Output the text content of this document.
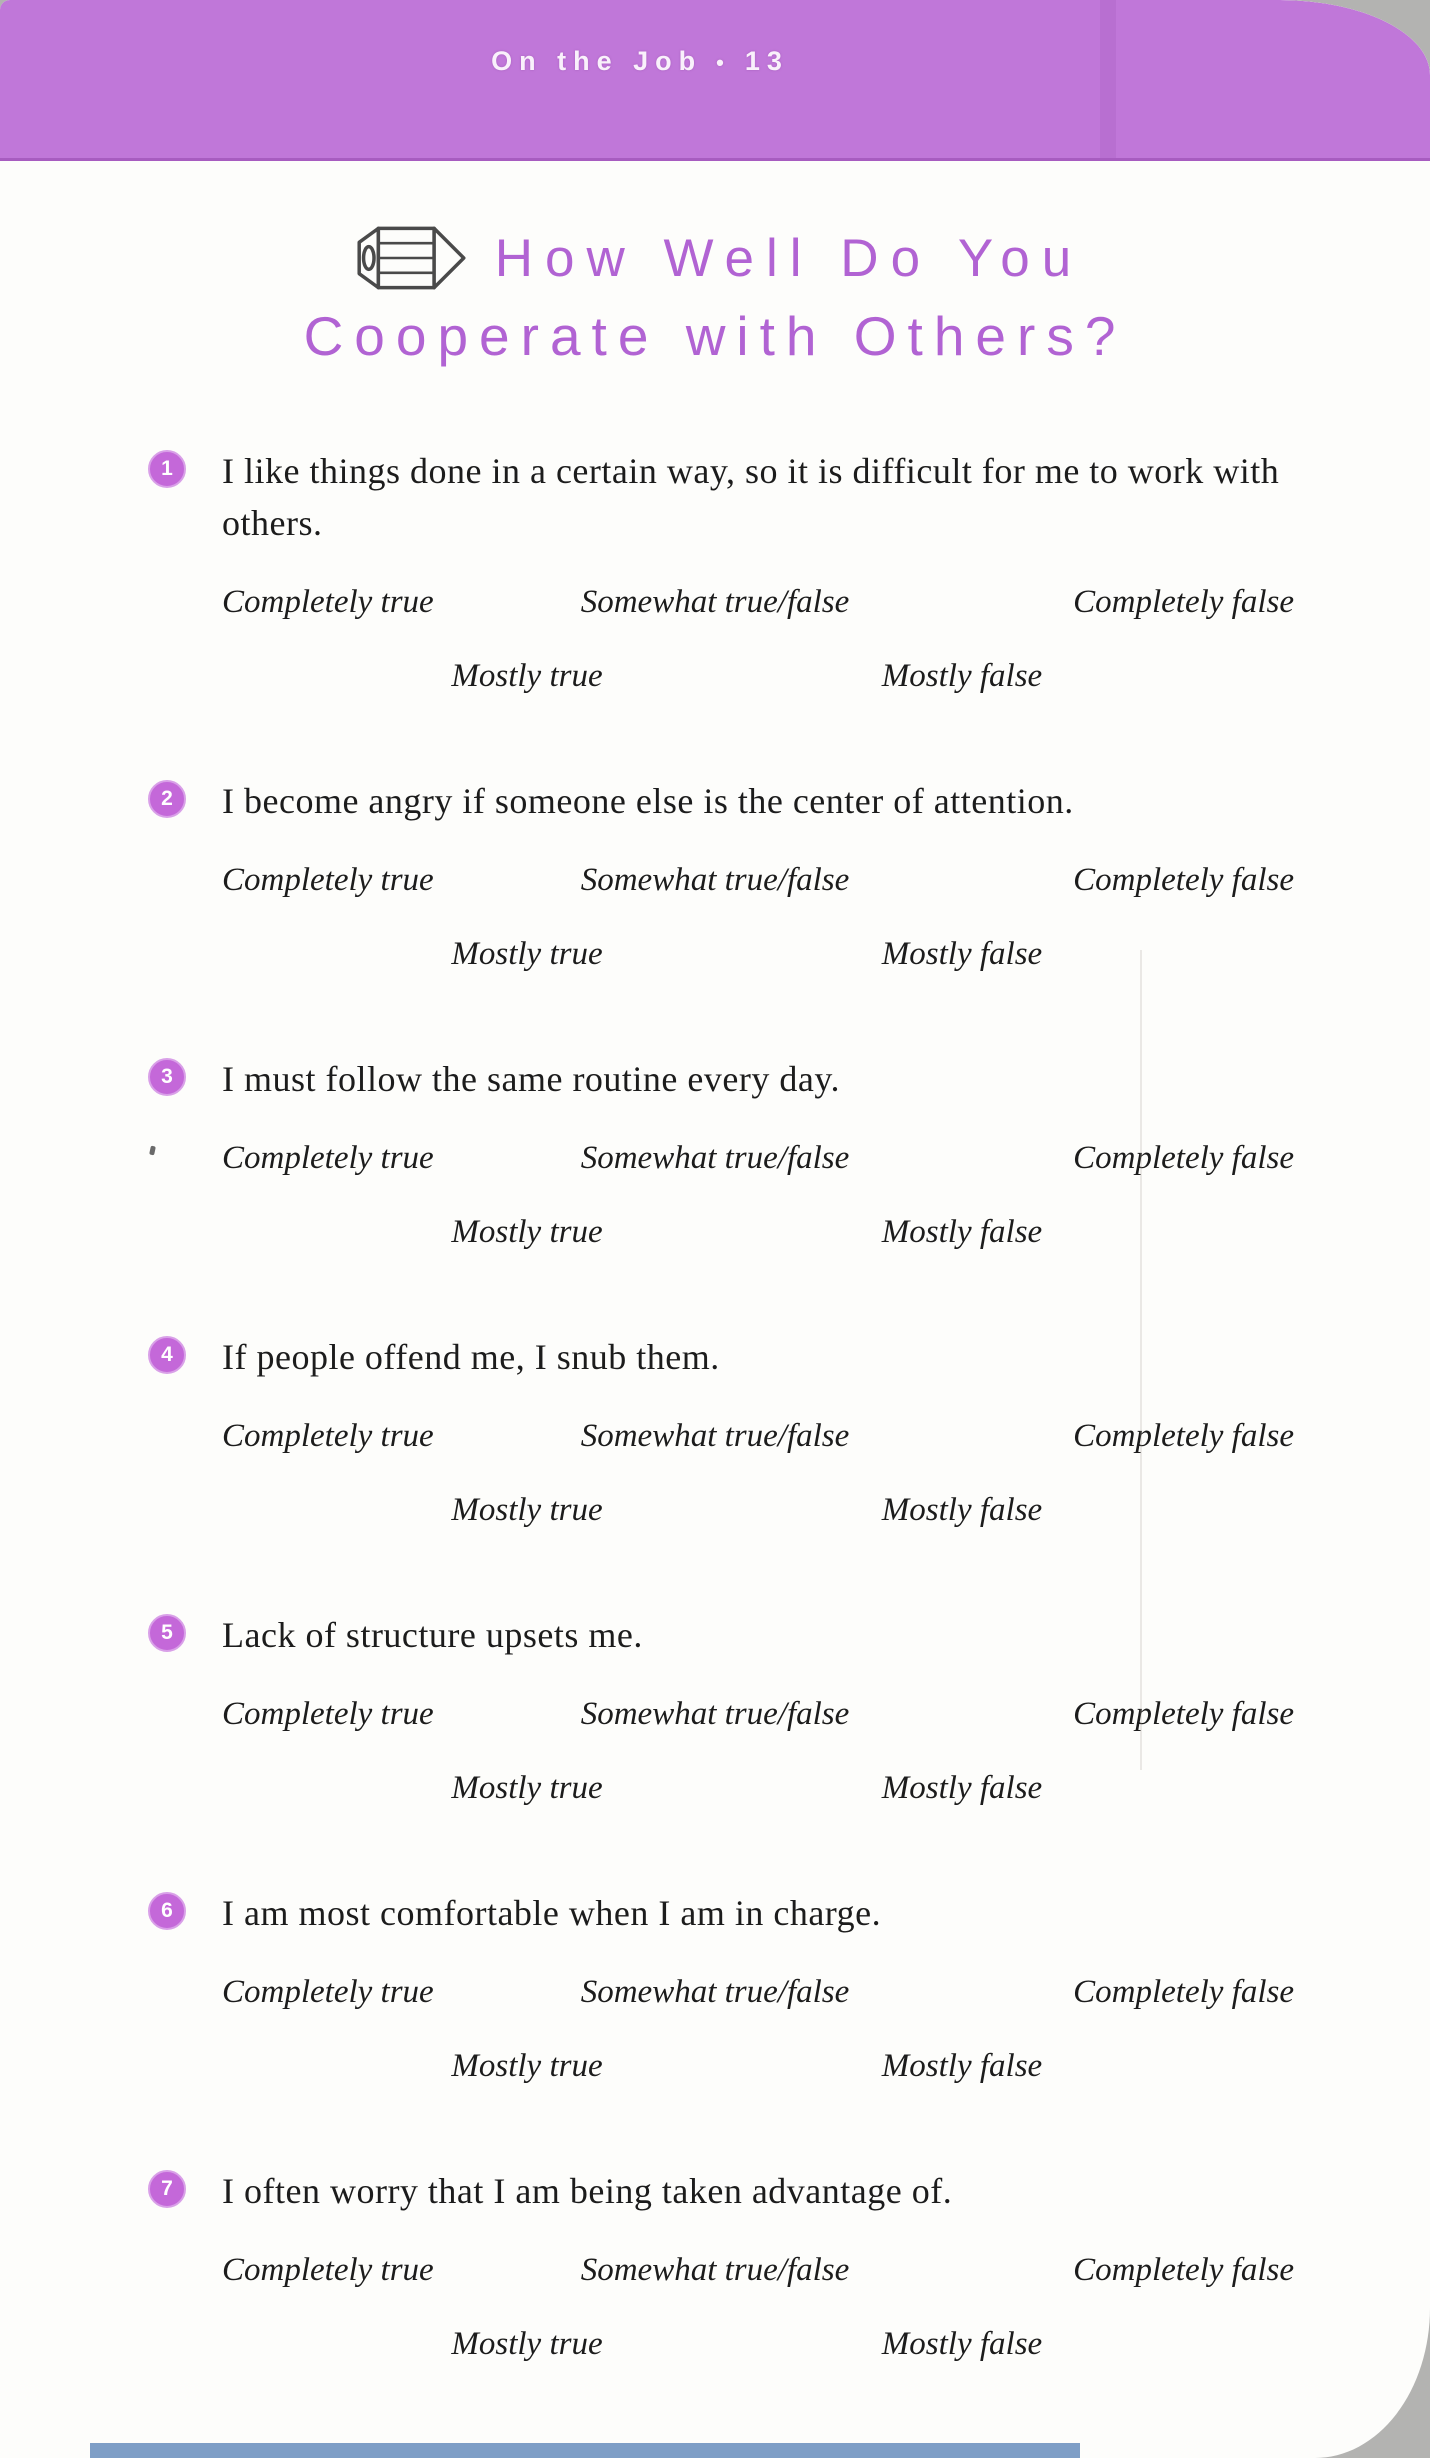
On the Job • 13
How Well Do You
Cooperate with Others?
1	I like things done in a certain way, so it is difficult for me to work with others.
Completely true	Somewhat true/false	Completely false
Mostly true	Mostly false
2	I become angry if someone else is the center of attention.
Completely true	Somewhat true/false	Completely false
Mostly true	Mostly false
3	I must follow the same routine every day.
Completely true	Somewhat true/false	Completely false
Mostly true	Mostly false
4	If people offend me, I snub them.
Completely true	Somewhat true/false	Completely false
Mostly true	Mostly false
5	Lack of structure upsets me.
Completely true	Somewhat true/false	Completely false
Mostly true	Mostly false
6	I am most comfortable when I am in charge.
Completely true	Somewhat true/false	Completely false
Mostly true	Mostly false
7	I often worry that I am being taken advantage of.
Completely true	Somewhat true/false	Completely false
Mostly true	Mostly false
